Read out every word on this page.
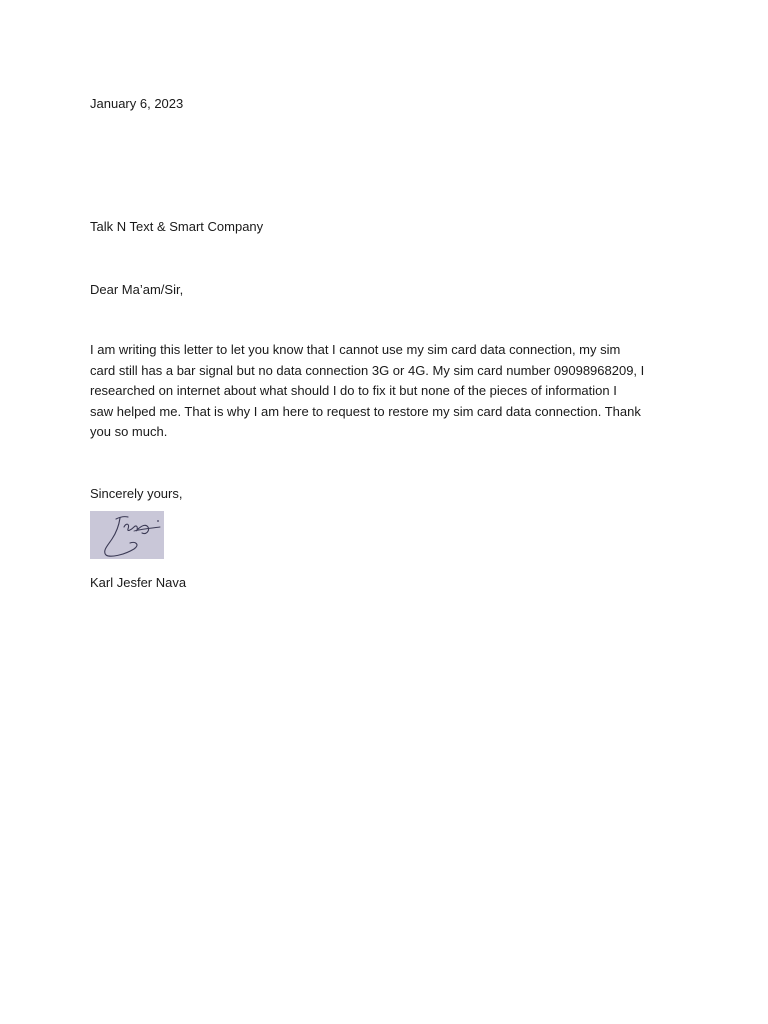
January 6, 2023

Talk N Text & Smart Company

Dear Ma’am/Sir,

I am writing this letter to let you know that I cannot use my sim card data connection, my sim
card still has a bar signal but no data connection 3G or 4G. My sim card number 09098968209, I
researched on internet about what should I do to fix it but none of the pieces of information I
saw helped me. That is why I am here to request to restore my sim card data connection. Thank
you so much.

Sincerely yours,

Karl Jesfer Nava
